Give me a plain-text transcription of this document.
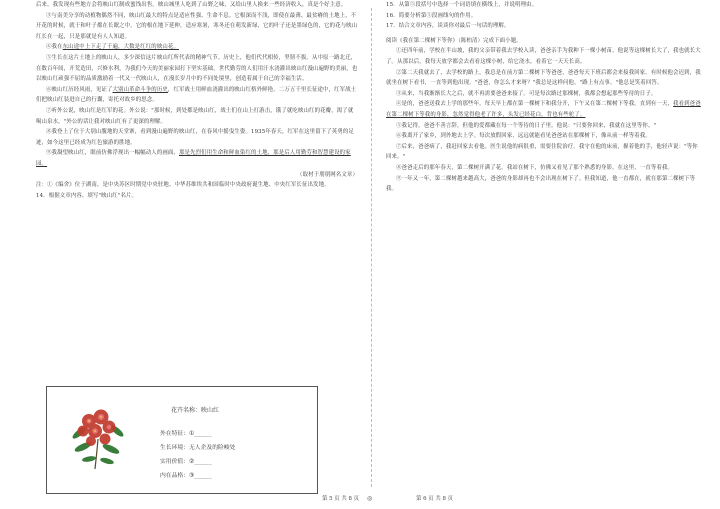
后来，我发现有些地方会将映山红制成蜜饯出售。映山城里人吃到了山野之味，又给山里人换来一些经济收入，真是个好主意。

③与南美分享的动植物偶然不同，映山红最大的特点是适应性强、生命不息。它根深而不浅，即使在最薄、最贫瘠的土地上，不开花的时候，就于和叶子都在长眠之中。它的根在地下延伸，适应寒暑，寒冬还在萌发新绿，它的叶子还是墨绿色的，它的花与映山红长在一起，只是那就是有人人知道。

④我在东山途中上下走了千遍，大数是红红的映山花。

⑤生长在这片土地上的映山人，多少深信这片映山红所代表的精神气节。历史上，他们代代相传，坚韧不拔。从中原一路北迁，在数百年间，开荒造田，兴修水利，为我们今天的美丽家园打下坚实基础。世代勤劳的人们用汗水浇灌出映山红漫山遍野的美丽，也以映山红顽强不屈的品质激励着一代又一代映山人，在漫长岁月中的不同处境里，创造着属于自己的幸福生活。

⑥映山红历经风雨，见证了大别山革命斗争的历史，红军战士用鲜血浇灌出的映山红格外鲜艳。二万五千里长征途中，红军战士们把映山红装进自己的行囊，寄托对故乡的思念。

⑦听外公说，映山红是红军的花。外公说："那时候，到处都是映山红，战士们在山上打游击，饿了就吃映山红的花瓣，渴了就喝山泉水。"外公的话让我对映山红有了更深的理解。

⑧我登上了位于大别山腹地的天堂寨，看到漫山遍野的映山红，在春风中摇曳生姿。1935年春天，红军在这里留下了英勇的足迹，如今这里已经成为红色旅游的胜地。

⑨我凝望映山红，眼前仿佛浮现出一幅幅动人的画面，那是先烈们用生命和鲜血染红的土地，那是后人用勤劳和智慧建设的家园。

（取材于朋朋网名文章）

注：①《编舍》位于湖南，是中央苏区时期党中央驻地、中华苏维埃共和国临时中央政府诞生地、中央红军长征出发地。

14．根据文章内容，填写"映山红"名片。

花卉名称：映山红
外在特征：①______
生长环境：无人企及的险峻处
实用价值：②______
内在品格：③______

15．从第⑤段括号中选择一个词语填在横线上，并说明理由。

16．简要分析第⑤段画线句的作用。

17．结合文章内容，谈谈你对最后一句话的理解。

阅读《我在第二棵树下等你》（陈柏清）完成下面小题。

①还四年前，学校在半山坡，我的父亲带着我去学校入读，爸爸亲手为我种下一棵小树苗，他说等这棵树长大了，我也就长大了。从那以后，我每天放学都会去看看这棵小树，给它浇水，看着它一天天长高。

②第二天我就去了，去学校的路上，我总是在前方第二棵树下等爸爸，爸爸每天下班后都会来接我回家。有时候他会迟到，我就坐在树下看书，一直等到他出现。"爸爸，你怎么才来呀？"我总是这样问他。"路上有点事。"他总是笑着回答。

③从来，当我渐渐长大之后，就不再需要爸爸来接了。可是每次路过那棵树，我都会想起那些等待的日子。

④是的，爸爸送我去上学的那些年，每天早上都在第一棵树下和我分开，下午又在第二棵树下等我。直到有一天，我看到爸爸在第二棵树下等我的身影，忽然觉得他老了许多，头发已经花白，背也有些驼了。

⑤我记得，爸爸不善言辞，但他的爱都藏在每一个等待的日子里。他说："只要你回来，我就在这里等你。"

⑥我离开了家乡，到外地去上学。每次放假回家，远远就能看见爸爸站在那棵树下，像从前一样等着我。

⑦后来，爸爸病了，我赶回家去看他。医生说他的病很重，需要住院治疗。我守在他的床前，握着他的手，他轻声说："等你回来。"

⑧爸爸走后的那年春天，第二棵树开满了花。我站在树下，仿佛又看见了那个熟悉的身影，在这里，一直等着我。

⑨一年又一年，第二棵树越来越高大，爸爸的身影却再也不会出现在树下了。但我知道，他一直都在，就在那第二棵树下等我。

第 5 页 共 8 页 ◎	第 6 页 共 8 页
